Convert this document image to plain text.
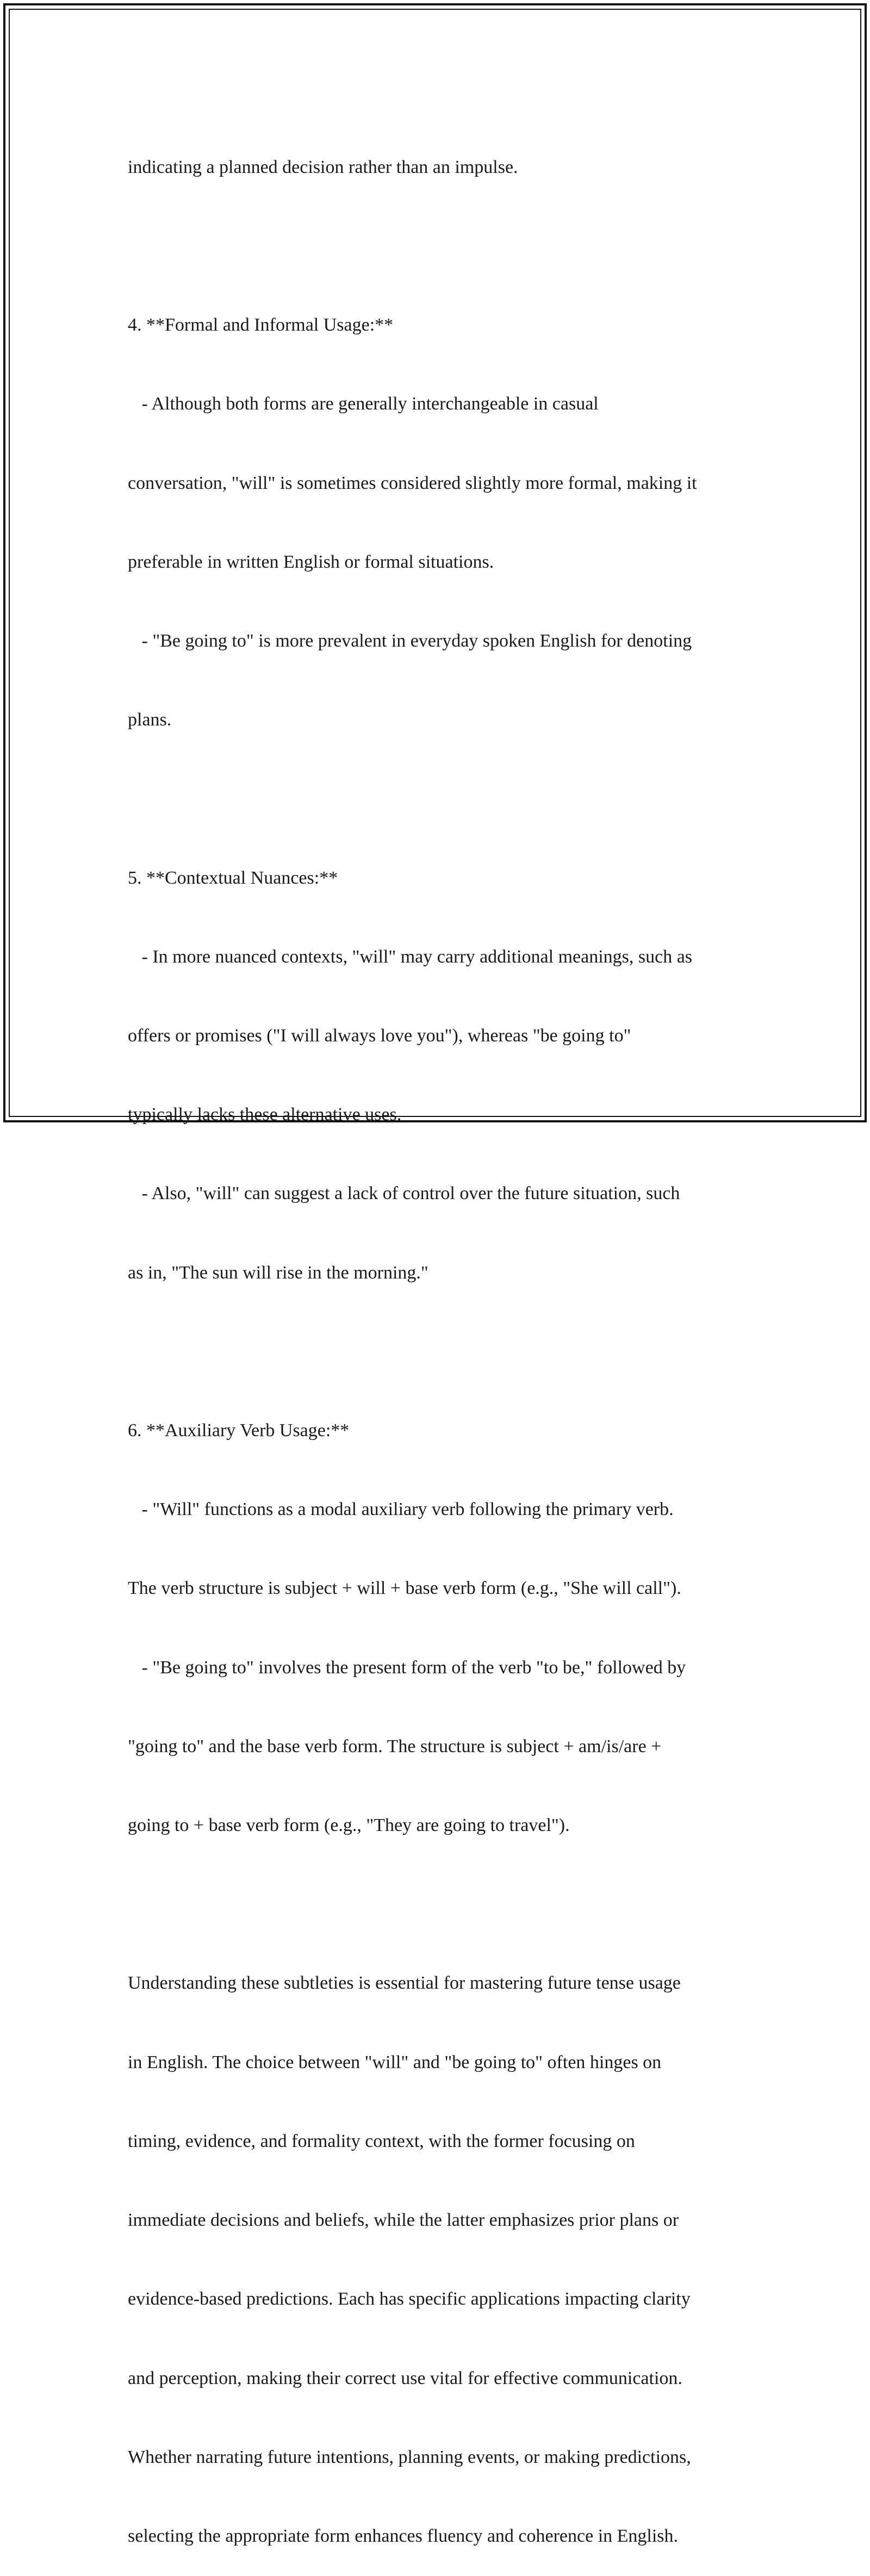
indicating a planned decision rather than an impulse.

4. **Formal and Informal Usage:**

- Although both forms are generally interchangeable in casual

conversation, "will" is sometimes considered slightly more formal, making it

preferable in written English or formal situations.

- "Be going to" is more prevalent in everyday spoken English for denoting

plans.

5. **Contextual Nuances:**

- In more nuanced contexts, "will" may carry additional meanings, such as

offers or promises ("I will always love you"), whereas "be going to"

typically lacks these alternative uses.

- Also, "will" can suggest a lack of control over the future situation, such

as in, "The sun will rise in the morning."

6. **Auxiliary Verb Usage:**

- "Will" functions as a modal auxiliary verb following the primary verb.

The verb structure is subject + will + base verb form (e.g., "She will call").

- "Be going to" involves the present form of the verb "to be," followed by

"going to" and the base verb form. The structure is subject + am/is/are +

going to + base verb form (e.g., "They are going to travel").

Understanding these subtleties is essential for mastering future tense usage

in English. The choice between "will" and "be going to" often hinges on

timing, evidence, and formality context, with the former focusing on

immediate decisions and beliefs, while the latter emphasizes prior plans or

evidence-based predictions. Each has specific applications impacting clarity

and perception, making their correct use vital for effective communication.

Whether narrating future intentions, planning events, or making predictions,

selecting the appropriate form enhances fluency and coherence in English.
